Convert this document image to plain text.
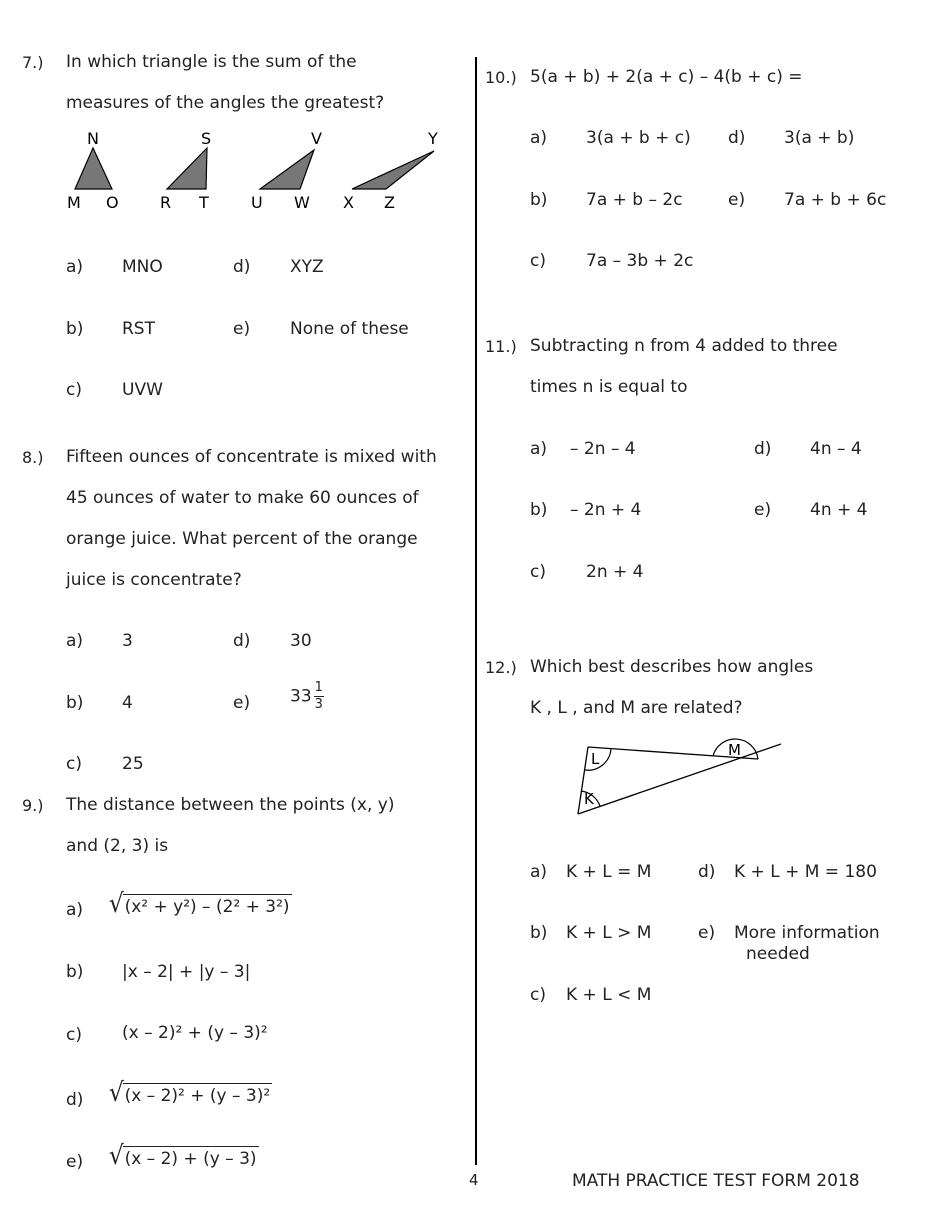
7.) In which triangle is the sum of the
measures of the angles the greatest?
N
M O
S
R T
V
U W
Y
X Z
a) MNO	d) XYZ
b) RST	e) None of these
c) UVW
8.) Fifteen ounces of concentrate is mixed with
45 ounces of water to make 60 ounces of
orange juice. What percent of the orange
juice is concentrate?
a) 3	d) 30
b) 4	e) $33 \frac{1}{3}$
c) 25
9.) The distance between the points (x, y)
and (2, 3) is
a) √ (x² + y²) – (2² + 3²)
b) |x – 2| + |y – 3|
c) (x – 2)² + (y – 3)²
d) √ (x – 2)² + (y – 3)²
e) √ (x – 2) + (y – 3)
10.) 5(a + b) + 2(a + c) – 4(b + c) =
a) 3(a + b + c) d) 3(a + b)
b) 7a + b – 2c	e) 7a + b + 6c
c) 7a – 3b + 2c
11.) Subtracting n from 4 added to three
times n is equal to
a) – 2n – 4	d) 4n – 4
b) – 2n + 4	e) 4n + 4
c) 2n + 4
12.) Which best describes how angles
K , L , and M are related?
L
K
M
a) K + L = M	d) K + L + M = 180
b) K + L > M	e) More information
needed
c) K + L < M
4	MATH PRACTICE TEST FORM 2018
